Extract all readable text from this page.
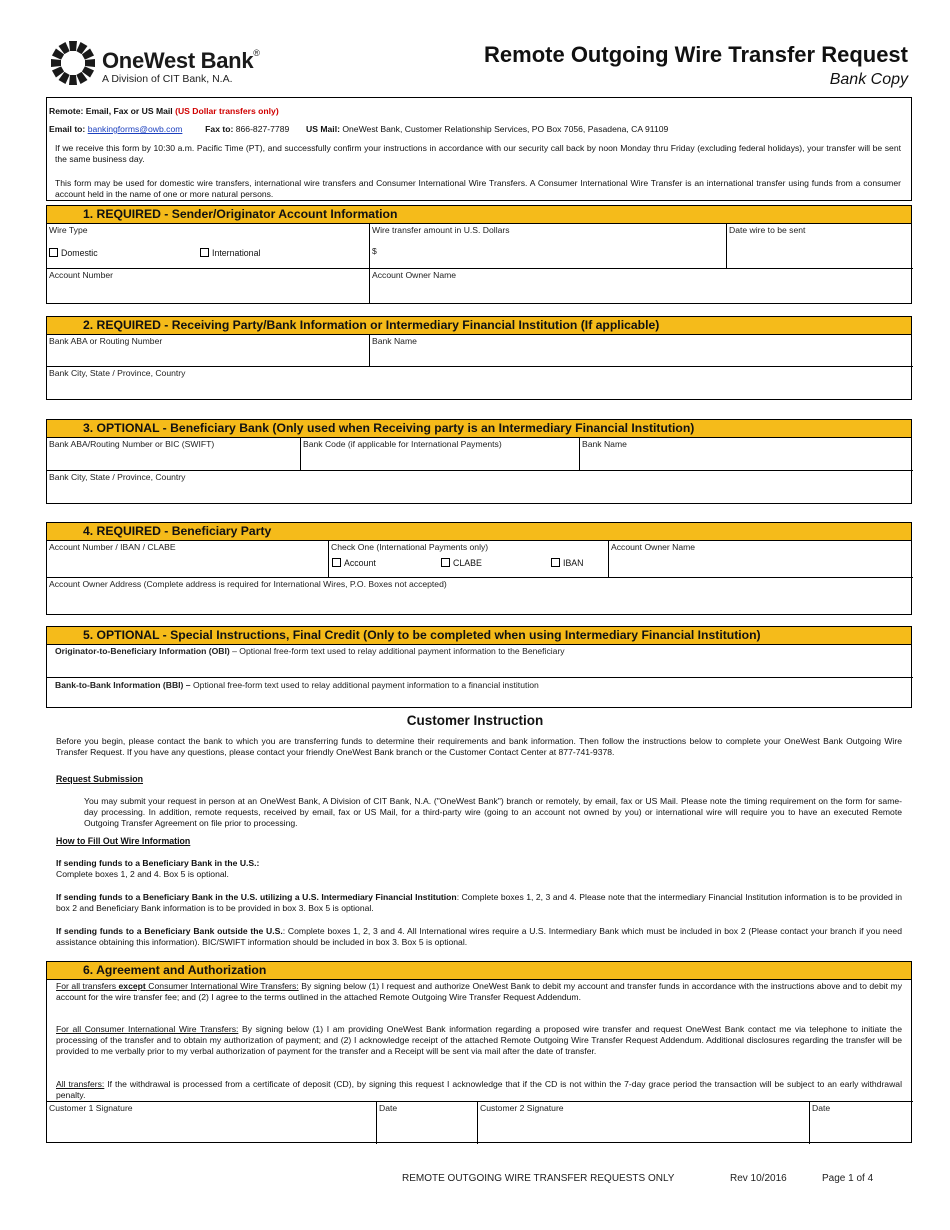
OneWest Bank®
A Division of CIT Bank, N.A.
Remote Outgoing Wire Transfer Request
Bank Copy
Remote: Email, Fax or US Mail (US Dollar transfers only)
Email to: bankingforms@owb.com	Fax to: 866-827-7789 US Mail: OneWest Bank, Customer Relationship Services, PO Box 7056, Pasadena, CA 91109
If we receive this form by 10:30 a.m. Pacific Time (PT), and successfully confirm your instructions in accordance with our security call back by noon Monday thru Friday (excluding federal holidays), your transfer will be sent the same business day.
This form may be used for domestic wire transfers, international wire transfers and Consumer International Wire Transfers. A Consumer International Wire Transfer is an international transfer using funds from a consumer account held in the name of one or more natural persons.
1. REQUIRED - Sender/Originator Account Information
Wire Type
Domestic	International
Wire transfer amount in U.S. Dollars
$
Date wire to be sent
Account Number	Account Owner Name
2. REQUIRED - Receiving Party/Bank Information or Intermediary Financial Institution (If applicable)
Bank ABA or Routing Number	Bank Name
Bank City, State / Province, Country
3. OPTIONAL - Beneficiary Bank (Only used when Receiving party is an Intermediary Financial Institution)
Bank ABA/Routing Number or BIC (SWIFT)	Bank Code (if applicable for International Payments)	Bank Name
Bank City, State / Province, Country
4. REQUIRED - Beneficiary Party
Account Number / IBAN / CLABE	Check One (International Payments only)
Account	CLABE	IBAN
Account Owner Name
Account Owner Address (Complete address is required for International Wires, P.O. Boxes not accepted)
5. OPTIONAL - Special Instructions, Final Credit (Only to be completed when using Intermediary Financial Institution)
Originator-to-Beneficiary Information (OBI) – Optional free-form text used to relay additional payment information to the Beneficiary
Bank-to-Bank Information (BBI) – Optional free-form text used to relay additional payment information to a financial institution
Customer Instruction
Before you begin, please contact the bank to which you are transferring funds to determine their requirements and bank information. Then follow the instructions below to complete your OneWest Bank Outgoing Wire Transfer Request. If you have any questions, please contact your friendly OneWest Bank branch or the Customer Contact Center at 877-741-9378.
Request Submission
You may submit your request in person at an OneWest Bank, A Division of CIT Bank, N.A. ("OneWest Bank") branch or remotely, by email, fax or US Mail. Please note the timing requirement on the form for same-day processing. In addition, remote requests, received by email, fax or US Mail, for a third-party wire (going to an account not owned by you) or international wire will require you to have an executed Remote Outgoing Transfer Agreement on file prior to processing.
How to Fill Out Wire Information
If sending funds to a Beneficiary Bank in the U.S.:
Complete boxes 1, 2 and 4. Box 5 is optional.
If sending funds to a Beneficiary Bank in the U.S. utilizing a U.S. Intermediary Financial Institution: Complete boxes 1, 2, 3 and 4. Please note that the intermediary Financial Institution information is to be provided in box 2 and Beneficiary Bank information is to be provided in box 3. Box 5 is optional.
If sending funds to a Beneficiary Bank outside the U.S.: Complete boxes 1, 2, 3 and 4. All International wires require a U.S. Intermediary Bank which must be included in box 2 (Please contact your branch if you need assistance obtaining this information). BIC/SWIFT information should be included in box 3. Box 5 is optional.
6. Agreement and Authorization
For all transfers except Consumer International Wire Transfers: By signing below (1) I request and authorize OneWest Bank to debit my account and transfer funds in accordance with the instructions above and to debit my account for the wire transfer fee; and (2) I agree to the terms outlined in the attached Remote Outgoing Wire Transfer Request Addendum.
For all Consumer International Wire Transfers: By signing below (1) I am providing OneWest Bank information regarding a proposed wire transfer and request OneWest Bank contact me via telephone to initiate the processing of the transfer and to obtain my authorization of payment; and (2) I acknowledge receipt of the attached Remote Outgoing Wire Transfer Request Addendum. Additional disclosures regarding the transfer will be provided to me verbally prior to my verbal authorization of payment for the transfer and a Receipt will be sent via mail after the date of transfer.
All transfers: If the withdrawal is processed from a certificate of deposit (CD), by signing this request I acknowledge that if the CD is not within the 7-day grace period the transaction will be subject to an early withdrawal penalty.
Customer 1 Signature	Date	Customer 2 Signature	Date
REMOTE OUTGOING WIRE TRANSFER REQUESTS ONLY	Rev 10/2016	Page 1 of 4
